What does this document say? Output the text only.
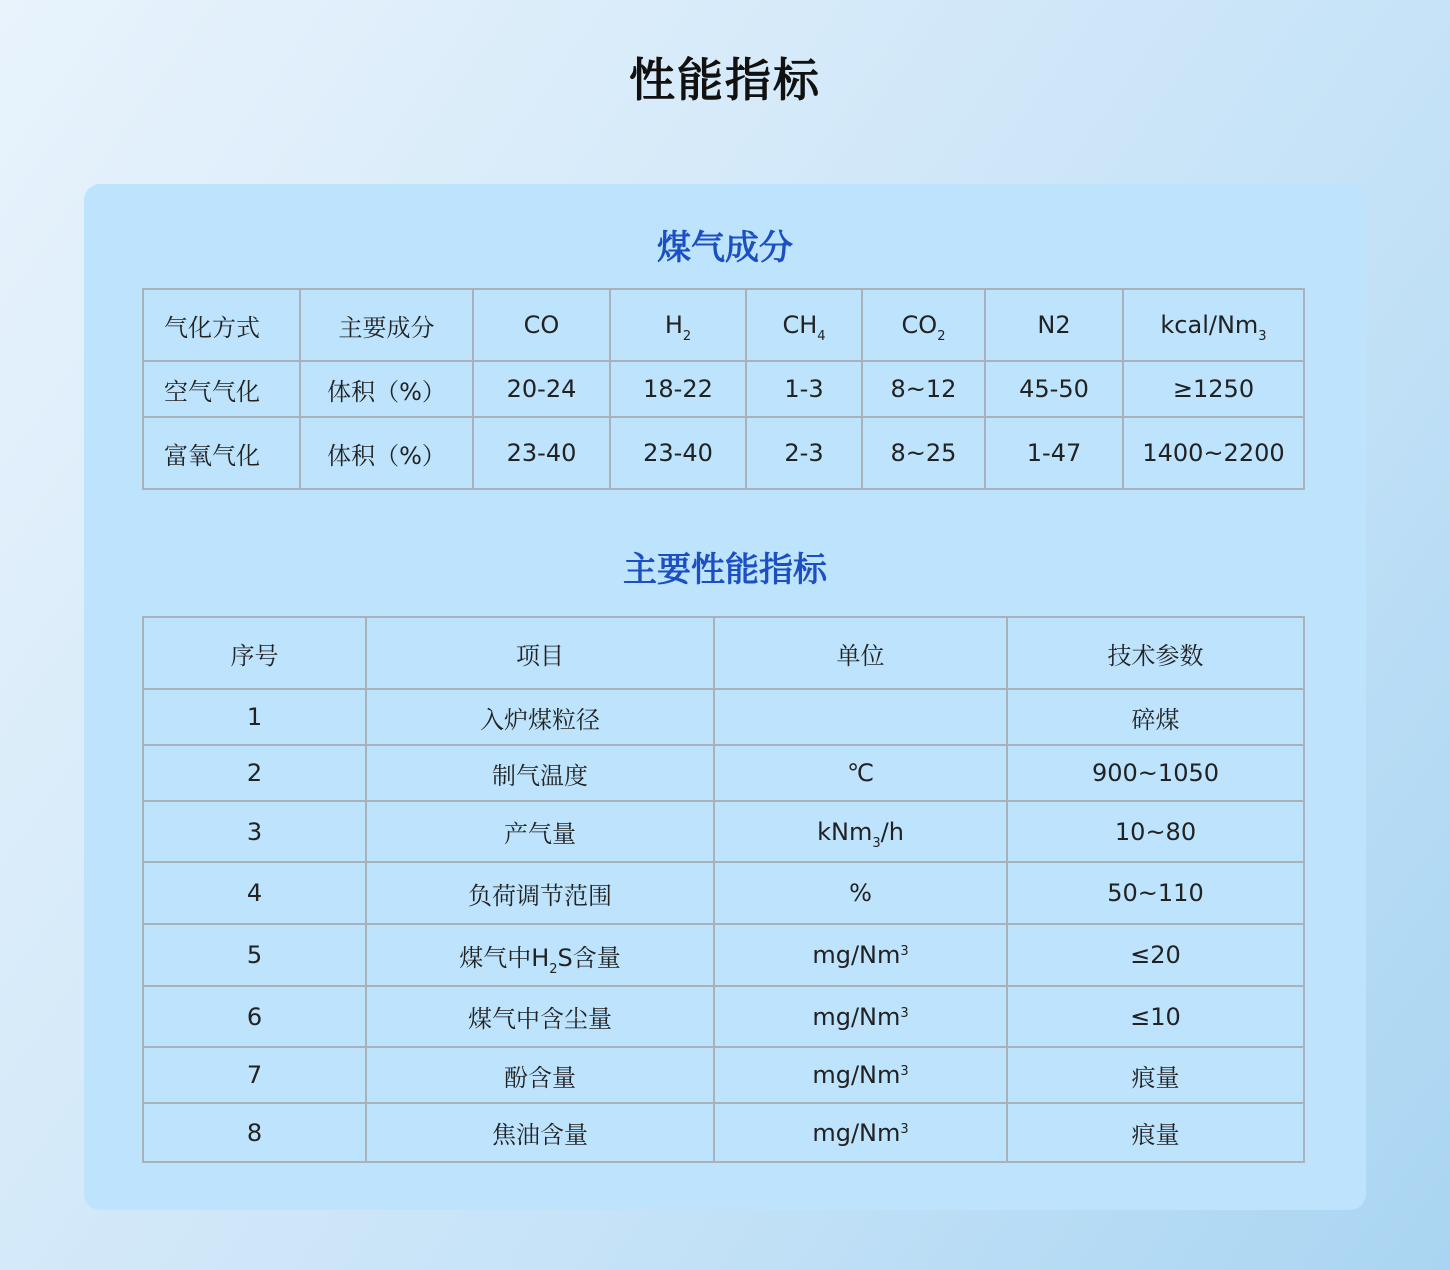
性能指标
煤气成分
气化方式	主要成分	CO	$H_2$	$CH_4$	$CO_2$	N2	kcal/$Nm_3$
空气气化	体积（%）	20-24	18-22	1-3	8~12	45-50	≥1250
富氧气化	体积（%）	23-40	23-40	2-3	8~25	1-47	1400~2200
主要性能指标
序号	项目	单位	技术参数
1	入炉煤粒径		碎煤
2	制气温度	℃	900~1050
3	产气量	kNm$_3$/h	10~80
4	负荷调节范围	%	50~110
5	煤气中$H_2S$含量	$mg/Nm^3$	≤20
6	煤气中含尘量	$mg/Nm^3$	≤10
7	酚含量	mg/Nm$^3$	痕量
8	焦油含量	mg/Nm$^3$	痕量
